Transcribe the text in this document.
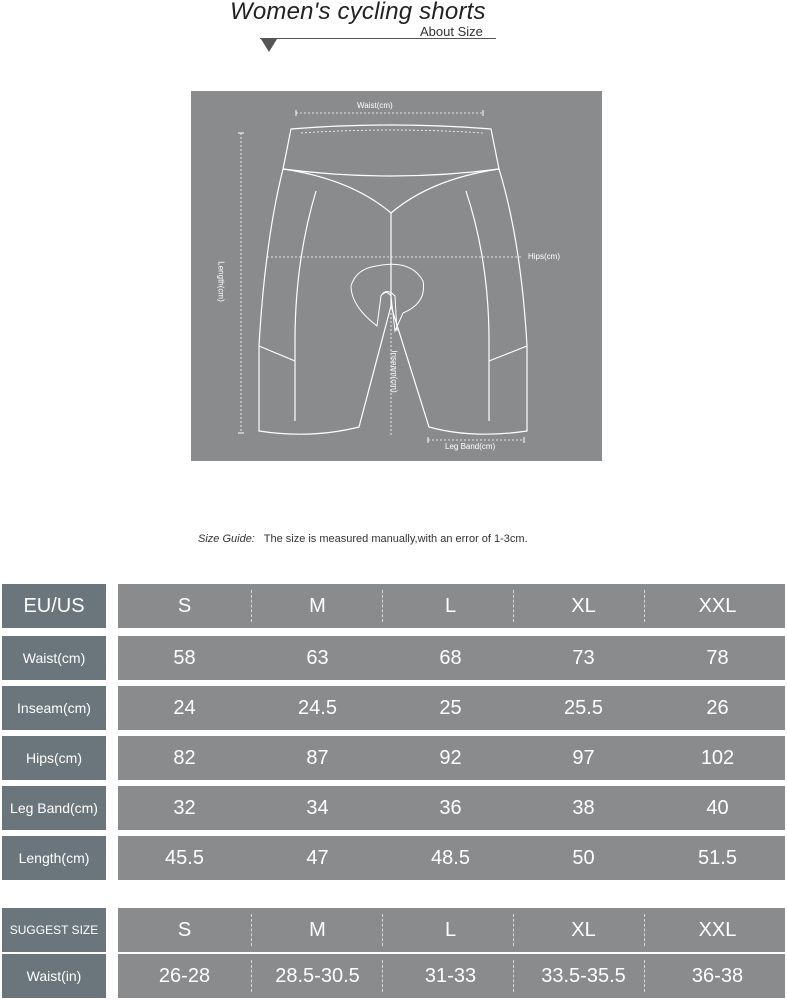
Women's cycling shorts
About Size
Waist(cm)
Hips(cm)
Length(cm)
Inseam(cm)
Leg Band(cm)
Size Guide: The size is measured manually,with an error of 1-3cm.
EU/US	S	M	L	XL	XXL
Waist(cm)	58	63	68	73	78
Inseam(cm)	24	24.5	25	25.5	26
Hips(cm)	82	87	92	97	102
Leg Band(cm)	32	34	36	38	40
Length(cm)	45.5	47	48.5	50	51.5
SUGGEST SIZE	S	M	L	XL	XXL
Waist(in)	26-28	28.5-30.5	31-33	33.5-35.5	36-38
